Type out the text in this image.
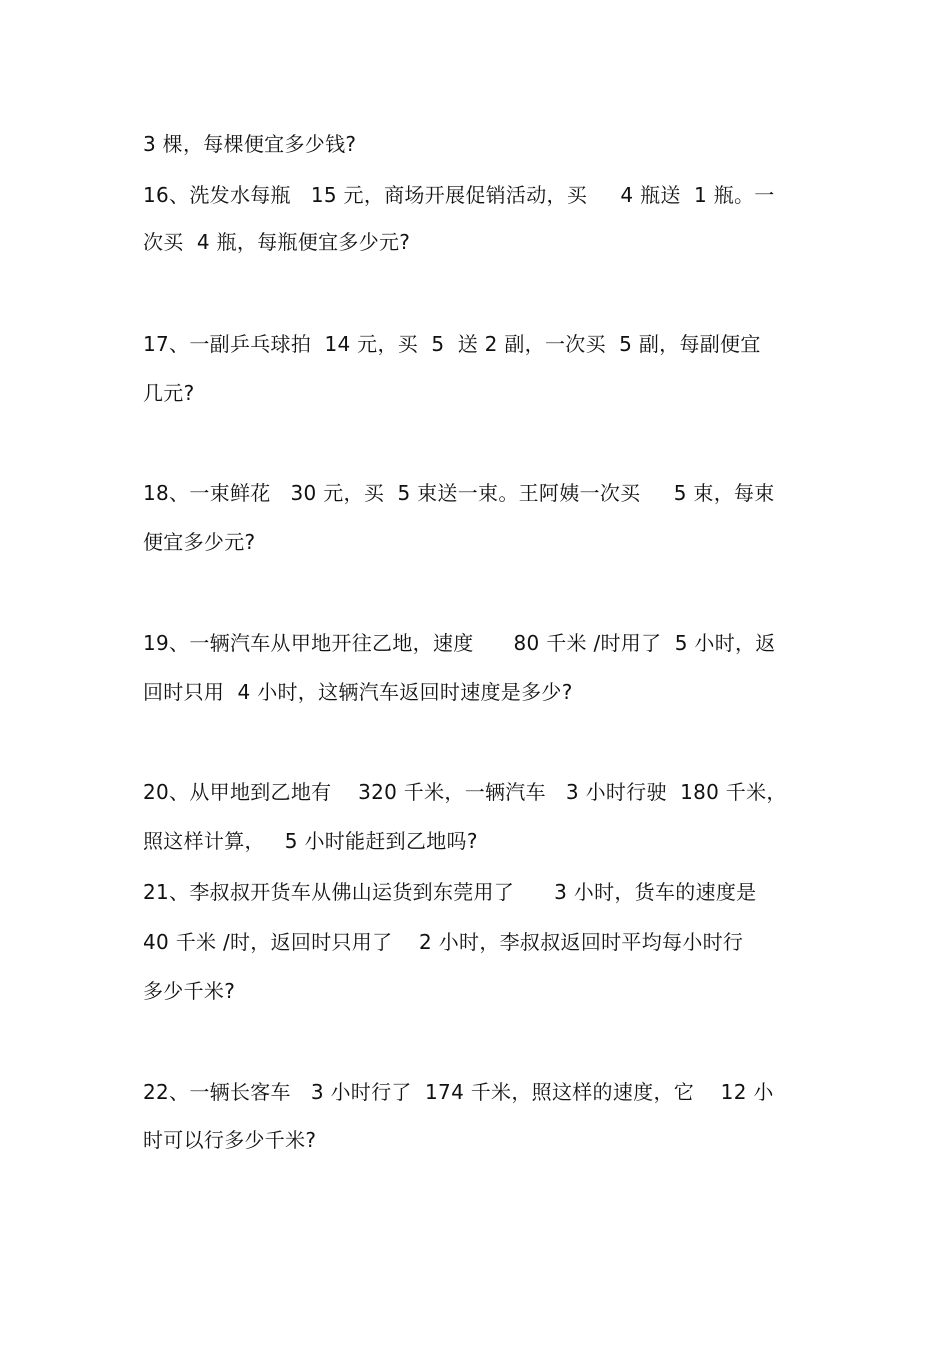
3 棵，每棵便宜多少钱?
16、洗发水每瓶   15 元，商场开展促销活动，买     4 瓶送  1 瓶。一
次买  4 瓶，每瓶便宜多少元?
17、一副乒乓球拍  14 元，买  5  送 2 副，一次买  5 副，每副便宜
几元?
18、一束鲜花   30 元，买  5 束送一束。王阿姨一次买     5 束，每束
便宜多少元?
19、一辆汽车从甲地开往乙地，速度      80 千米 /时用了  5 小时，返
回时只用  4 小时，这辆汽车返回时速度是多少?
20、从甲地到乙地有    320 千米，一辆汽车   3 小时行驶  180 千米，
照这样计算，   5 小时能赶到乙地吗?
21、李叔叔开货车从佛山运货到东莞用了      3 小时，货车的速度是
40 千米 /时，返回时只用了    2 小时，李叔叔返回时平均每小时行
多少千米?
22、一辆长客车   3 小时行了  174 千米，照这样的速度，它    12 小
时可以行多少千米?
